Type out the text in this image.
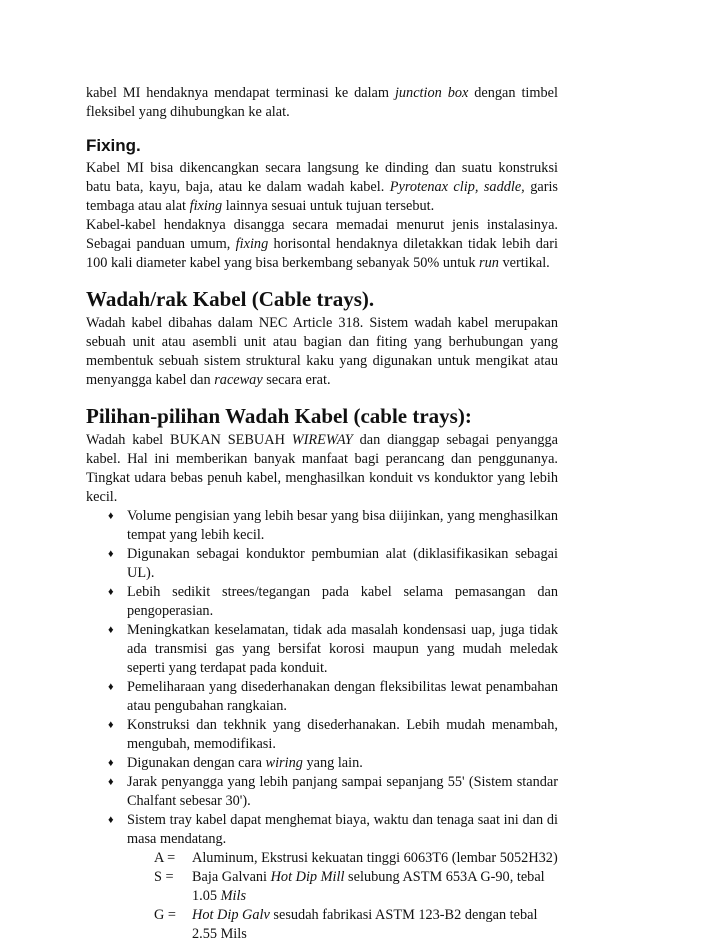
kabel MI hendaknya mendapat terminasi ke dalam junction box dengan timbel fleksibel yang dihubungkan ke alat.

Fixing.

Kabel MI bisa dikencangkan secara langsung ke dinding dan suatu konstruksi batu bata, kayu, baja, atau ke dalam wadah kabel. Pyrotenax clip, saddle, garis tembaga atau alat fixing lainnya sesuai untuk tujuan tersebut.

Kabel-kabel hendaknya disangga secara memadai menurut jenis instalasinya. Sebagai panduan umum, fixing horisontal hendaknya diletakkan tidak lebih dari 100 kali diameter kabel yang bisa berkembang sebanyak 50% untuk run vertikal.

Wadah/rak Kabel (Cable trays).

Wadah kabel dibahas dalam NEC Article 318. Sistem wadah kabel merupakan sebuah unit atau asembli unit atau bagian dan fiting yang berhubungan yang membentuk sebuah sistem struktural kaku yang digunakan untuk mengikat atau menyangga kabel dan raceway secara erat.

Pilihan-pilihan Wadah Kabel (cable trays):

Wadah kabel BUKAN SEBUAH WIREWAY dan dianggap sebagai penyangga kabel. Hal ini memberikan banyak manfaat bagi perancang dan penggunanya. Tingkat udara bebas penuh kabel, menghasilkan konduit vs konduktor yang lebih kecil.

♦ Volume pengisian yang lebih besar yang bisa diijinkan, yang menghasilkan tempat yang lebih kecil.
♦ Digunakan sebagai konduktor pembumian alat (diklasifikasikan sebagai UL).
♦ Lebih sedikit strees/tegangan pada kabel selama pemasangan dan pengoperasian.
♦ Meningkatkan keselamatan, tidak ada masalah kondensasi uap, juga tidak ada transmisi gas yang bersifat korosi maupun yang mudah meledak seperti yang terdapat pada konduit.
♦ Pemeliharaan yang disederhanakan dengan fleksibilitas lewat penambahan atau pengubahan rangkaian.
♦ Konstruksi dan tekhnik yang disederhanakan. Lebih mudah menambah, mengubah, memodifikasi.
♦ Digunakan dengan cara wiring yang lain.
♦ Jarak penyangga yang lebih panjang sampai sepanjang 55' (Sistem standar Chalfant sebesar 30').
♦ Sistem tray kabel dapat menghemat biaya, waktu dan tenaga saat ini dan di masa mendatang.
A =	Aluminum, Ekstrusi kekuatan tinggi 6063T6 (lembar 5052H32)
S =	Baja Galvani Hot Dip Mill selubung ASTM 653A G-90, tebal
1.05 Mils
G =	Hot Dip Galv sesudah fabrikasi ASTM 123-B2 dengan tebal
2.55 Mils
